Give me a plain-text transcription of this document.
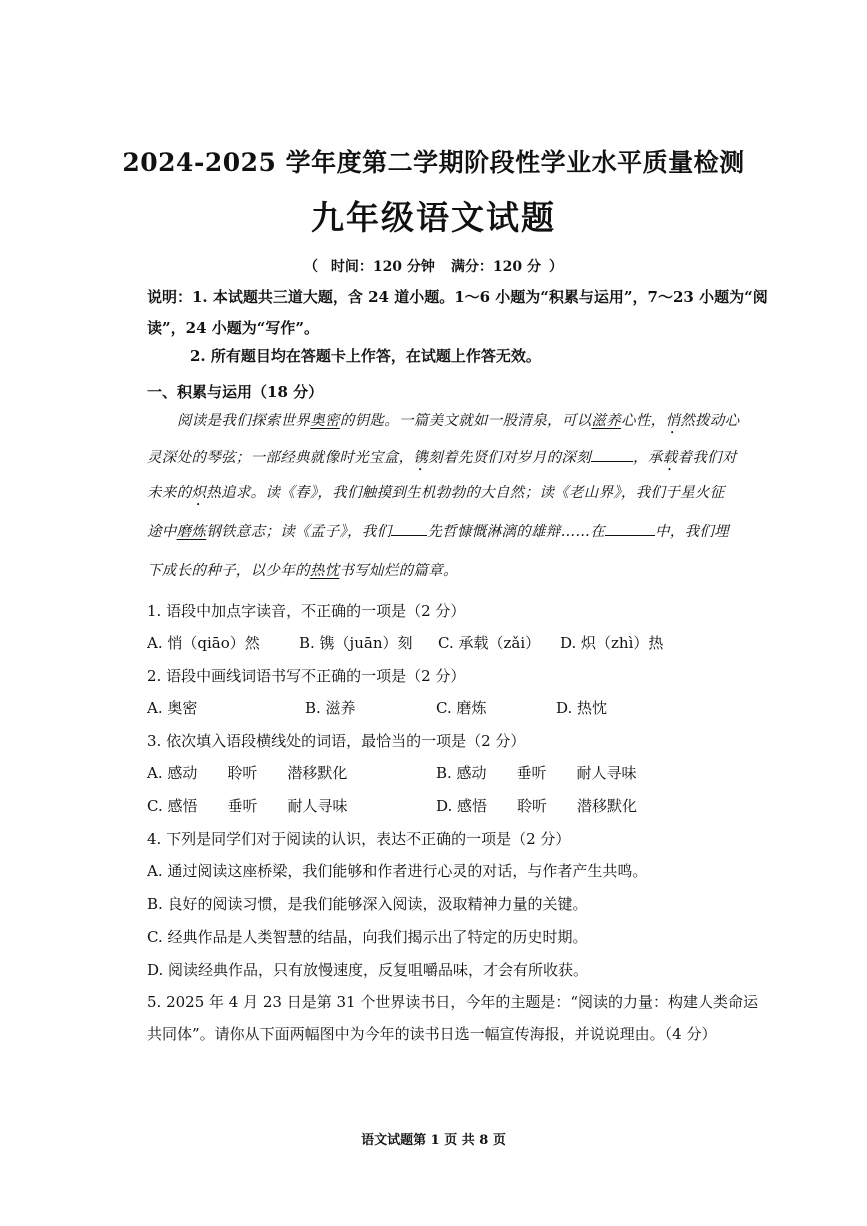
2024-2025 学年度第二学期阶段性学业水平质量检测
九年级语文试题
（ 时间：120 分钟 满分：120 分 ）
说明：1. 本试题共三道大题，含 24 道小题。1～6 小题为“积累与运用”，7～23 小题为“阅
读”，24 小题为“写作”。
2. 所有题目均在答题卡上作答，在试题上作答无效。
一、积累与运用（18 分）
阅读是我们探索世界奥密的钥匙。一篇美文就如一股清泉，可以滋养心性，悄然拨动心
灵深处的琴弦；一部经典就像时光宝盒，镌刻着先贤们对岁月的深刻	，承载着我们对
未来的炽热追求。读《春》，我们触摸到生机勃勃的大自然；读《老山界》，我们于星火征
途中磨炼钢铁意志；读《孟子》，我们 先哲慷慨淋漓的雄辩……在	中，我们埋
下成长的种子，以少年的热忱书写灿烂的篇章。
1. 语段中加点字读音，不正确的一项是（2 分）
A. 悄（qiāo）然	B. 镌（juān）刻 C. 承载（zǎi） D. 炽（zhì）热
2. 语段中画线词语书写不正确的一项是（2 分）
A. 奥密	B. 滋养	C. 磨炼	D. 热忱
3. 依次填入语段横线处的词语，最恰当的一项是（2 分）
A. 感动　　聆听　　潜移默化	B. 感动　　垂听　　耐人寻味
C. 感悟　　垂听　　耐人寻味	D. 感悟　　聆听　　潜移默化
4. 下列是同学们对于阅读的认识，表达不正确的一项是（2 分）
A. 通过阅读这座桥梁，我们能够和作者进行心灵的对话，与作者产生共鸣。
B. 良好的阅读习惯，是我们能够深入阅读，汲取精神力量的关键。
C. 经典作品是人类智慧的结晶，向我们揭示出了特定的历史时期。
D. 阅读经典作品，只有放慢速度，反复咀嚼品味，才会有所收获。
5. 2025 年 4 月 23 日是第 31 个世界读书日，今年的主题是：“阅读的力量：构建人类命运
共同体”。请你从下面两幅图中为今年的读书日选一幅宣传海报，并说说理由。（4 分）
语文试题第 1 页 共 8 页
